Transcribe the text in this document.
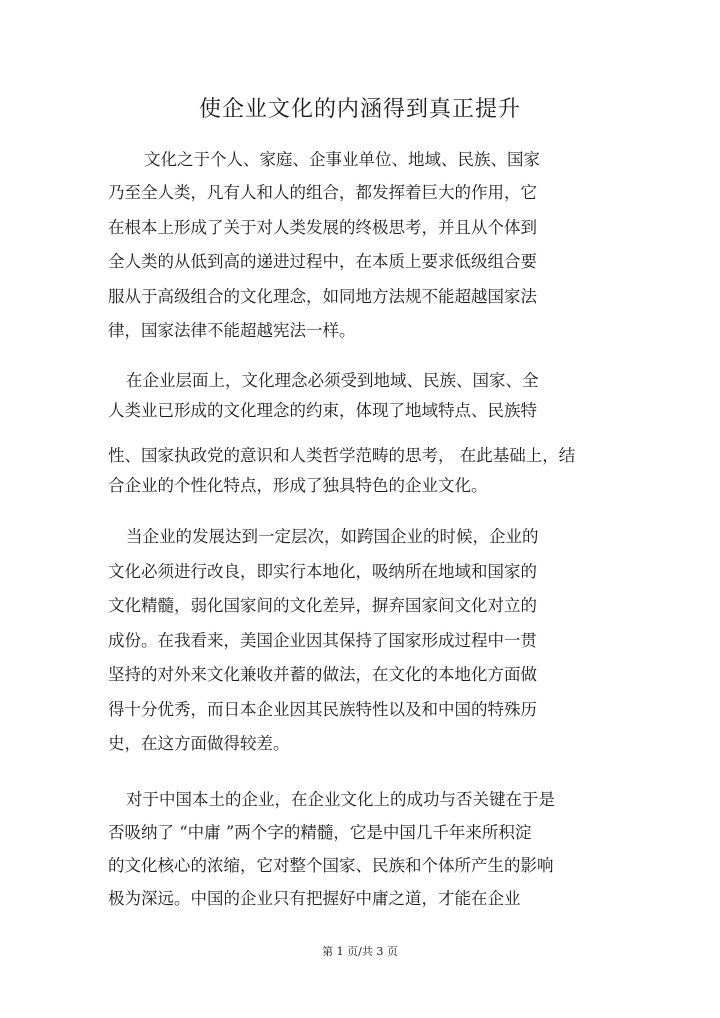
使企业文化的内涵得到真正提升
文化之于个人、家庭、企事业单位、地域、民族、国家
乃至全人类，凡有人和人的组合，都发挥着巨大的作用，它
在根本上形成了关于对人类发展的终极思考，并且从个体到
全人类的从低到高的递进过程中，在本质上要求低级组合要
服从于高级组合的文化理念，如同地方法规不能超越国家法
律，国家法律不能超越宪法一样。
在企业层面上，文化理念必须受到地域、民族、国家、全
人类业已形成的文化理念的约束，体现了地域特点、民族特
性、国家执政党的意识和人类哲学范畴的思考， 在此基础上，结
合企业的个性化特点，形成了独具特色的企业文化。
当企业的发展达到一定层次，如跨国企业的时候，企业的
文化必须进行改良，即实行本地化，吸纳所在地域和国家的
文化精髓，弱化国家间的文化差异，摒弃国家间文化对立的
成份。在我看来，美国企业因其保持了国家形成过程中一贯
坚持的对外来文化兼收并蓄的做法，在文化的本地化方面做
得十分优秀，而日本企业因其民族特性以及和中国的特殊历
史，在这方面做得较差。
对于中国本土的企业，在企业文化上的成功与否关键在于是
否吸纳了 “中庸 ”两个字的精髓，它是中国几千年来所积淀
的文化核心的浓缩，它对整个国家、民族和个体所产生的影响
极为深远。中国的企业只有把握好中庸之道，才能在企业
第 1 页/共 3 页
